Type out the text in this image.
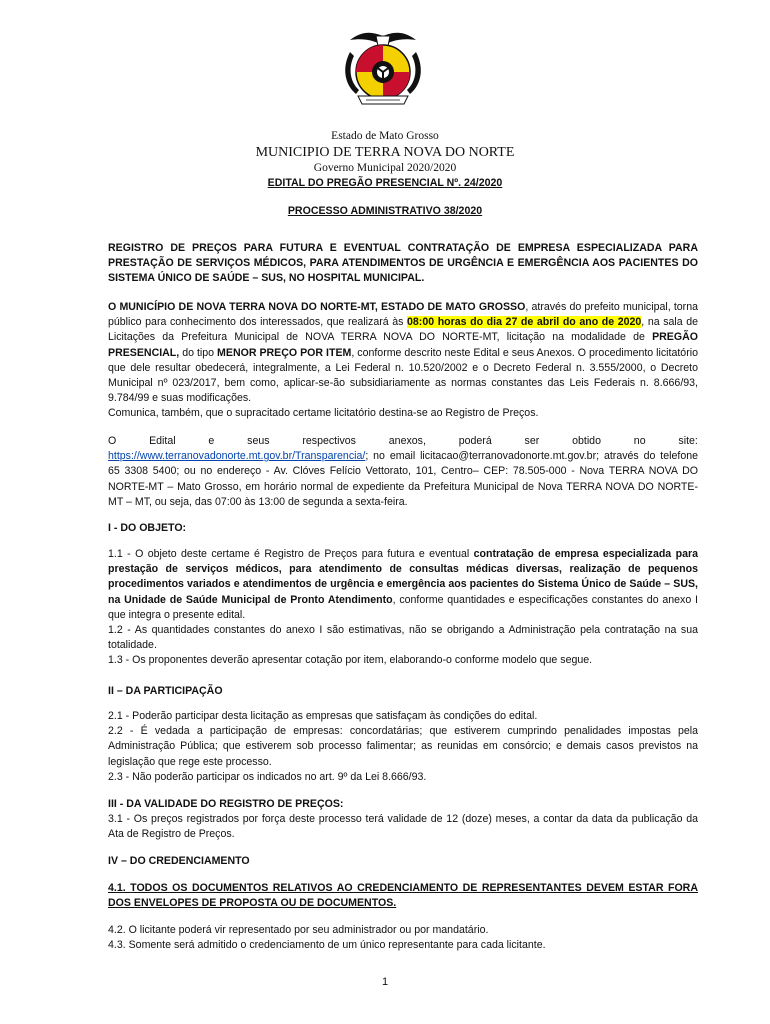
Estado de Mato Grosso
MUNICIPIO DE TERRA NOVA DO NORTE
Governo Municipal 2020/2020
EDITAL DO PREGÃO PRESENCIAL Nº. 24/2020
PROCESSO ADMINISTRATIVO 38/2020
REGISTRO DE PREÇOS PARA FUTURA E EVENTUAL CONTRATAÇÃO DE EMPRESA ESPECIALIZADA PARA PRESTAÇÃO DE SERVIÇOS MÉDICOS, PARA ATENDIMENTOS DE URGÊNCIA E EMERGÊNCIA AOS PACIENTES DO SISTEMA ÚNICO DE SAÚDE – SUS, NO HOSPITAL MUNICIPAL.

O MUNICÍPIO DE NOVA TERRA NOVA DO NORTE-MT, ESTADO DE MATO GROSSO, através do prefeito municipal, torna público para conhecimento dos interessados, que realizará às 08:00 horas do dia 27 de abril do ano de 2020, na sala de Licitações da Prefeitura Municipal de NOVA TERRA NOVA DO NORTE-MT, licitação na modalidade de PREGÃO PRESENCIAL, do tipo MENOR PREÇO POR ITEM, conforme descrito neste Edital e seus Anexos. O procedimento licitatório que dele resultar obedecerá, integralmente, a Lei Federal n. 10.520/2002 e o Decreto Federal n. 3.555/2000, o Decreto Municipal nº 023/2017, bem como, aplicar-se-ão subsidiariamente as normas constantes das Leis Federais n. 8.666/93, 9.784/99 e suas modificações.

Comunica, também, que o supracitado certame licitatório destina-se ao Registro de Preços.

O	Edital	e	seus	respectivos	anexos,	poderá	ser	obtido	no	site:

https://www.terranovadonorte.mt.gov.br/Transparencia/; no email licitacao@terranovadonorte.mt.gov.br; através do telefone 65 3308 5400; ou no endereço - Av. Clóves Felício Vettorato, 101, Centro– CEP: 78.505-000 - Nova TERRA NOVA DO NORTE-MT – Mato Grosso, em horário normal de expediente da Prefeitura Municipal de Nova TERRA NOVA DO NORTE-MT – MT, ou seja, das 07:00 às 13:00 de segunda a sexta-feira.

I - DO OBJETO:

1.1 - O objeto deste certame é Registro de Preços para futura e eventual contratação de empresa especializada para prestação de serviços médicos, para atendimento de consultas médicas diversas, realização de pequenos procedimentos variados e atendimentos de urgência e emergência aos pacientes do Sistema Único de Saúde – SUS, na Unidade de Saúde Municipal de Pronto Atendimento, conforme quantidades e especificações constantes do anexo I que integra o presente edital.

1.2 - As quantidades constantes do anexo I são estimativas, não se obrigando a Administração pela contratação na sua totalidade.

1.3 - Os proponentes deverão apresentar cotação por item, elaborando-o conforme modelo que segue.

II – DA PARTICIPAÇÃO

2.1 - Poderão participar desta licitação as empresas que satisfaçam às condições do edital.

2.2 - É vedada a participação de empresas: concordatárias; que estiverem cumprindo penalidades impostas pela Administração Pública; que estiverem sob processo falimentar; as reunidas em consórcio; e demais casos previstos na legislação que rege este processo.

2.3 - Não poderão participar os indicados no art. 9º da Lei 8.666/93.

III - DA VALIDADE DO REGISTRO DE PREÇOS:

3.1 - Os preços registrados por força deste processo terá validade de 12 (doze) meses, a contar da data da publicação da Ata de Registro de Preços.

IV – DO CREDENCIAMENTO
4.1. TODOS OS DOCUMENTOS RELATIVOS AO CREDENCIAMENTO DE REPRESENTANTES DEVEM ESTAR FORA DOS ENVELOPES DE PROPOSTA OU DE DOCUMENTOS.

4.2. O licitante poderá vir representado por seu administrador ou por mandatário.

4.3. Somente será admitido o credenciamento de um único representante para cada licitante.

1
